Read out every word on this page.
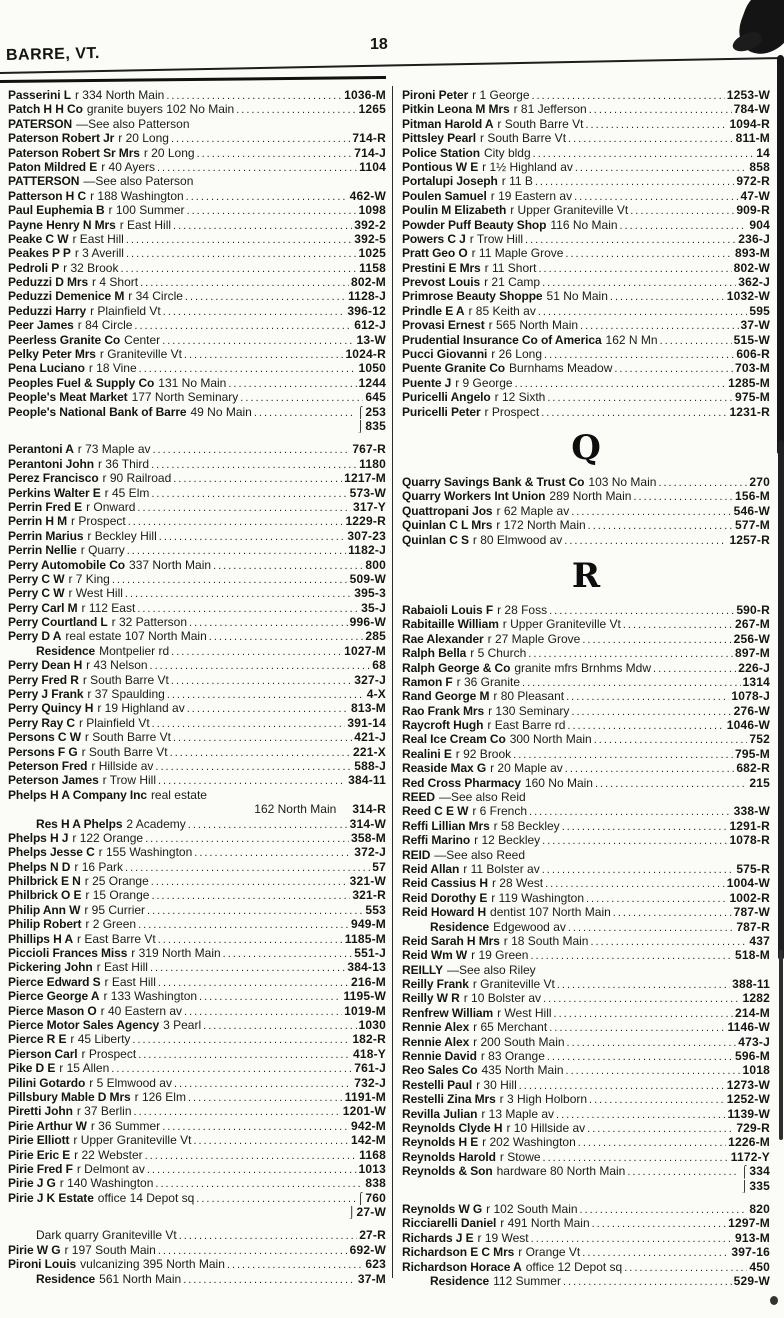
BARRE, VT.
18
Passerini L r 334 North Main .....	1036-M
Patch H H Co granite buyers 102 No Main .....	1265
PATERSON —See also Patterson
Paterson Robert Jr r 20 Long .....	714-R
Paterson Robert Sr Mrs r 20 Long .....	714-J
Paton Mildred E r 40 Ayers .....	1104
PATTERSON —See also Paterson
Patterson H C r 188 Washington .....	462-W
Paul Euphemia B r 100 Summer .....	1098
Payne Henry N Mrs r East Hill .....	392-2
Peake C W r East Hill .....	392-5
Peakes P P r 3 Averill .....	1025
Pedroli P r 32 Brook .....	1158
Peduzzi D Mrs r 4 Short .....	802-M
Peduzzi Demenice M r 34 Circle .....	1128-J
Peduzzi Harry r Plainfield Vt .....	396-12
Peer James r 84 Circle .....	612-J
Peerless Granite Co Center .....	13-W
Pelky Peter Mrs r Graniteville Vt .....	1024-R
Pena Luciano r 18 Vine .....	1050
Peoples Fuel & Supply Co 131 No Main .....	1244
People's Meat Market 177 North Seminary .....	645
People's National Bank of Barre 49 No Main .....	⌠ 253
⌡ 835
Perantoni A r 73 Maple av .....	767-R
Perantoni John r 36 Third .....	1180
Perez Francisco r 90 Railroad .....	1217-M
Perkins Walter E r 45 Elm .....	573-W
Perrin Fred E r Onward .....	317-Y
Perrin H M r Prospect .....	1229-R
Perrin Marius r Beckley Hill .....	307-23
Perrin Nellie r Quarry .....	1182-J
Perry Automobile Co 337 North Main .....	800
Perry C W r 7 King .....	509-W
Perry C W r West Hill .....	395-3
Perry Carl M r 112 East .....	35-J
Perry Courtland L r 32 Patterson .....	996-W
Perry D A real estate 107 North Main .....	285
Residence Montpelier rd .....	1027-M
Perry Dean H r 43 Nelson .....	68
Perry Fred R r South Barre Vt .....	327-J
Perry J Frank r 37 Spaulding .....	4-X
Perry Quincy H r 19 Highland av .....	813-M
Perry Ray C r Plainfield Vt .....	391-14
Persons C W r South Barre Vt .....	421-J
Persons F G r South Barre Vt .....	221-X
Peterson Fred r Hillside av .....	588-J
Peterson James r Trow Hill .....	384-11
Phelps H A Company Inc real estate
162 North Main 314-R
Res H A Phelps 2 Academy .....	314-W
Phelps H J r 122 Orange .....	358-M
Phelps Jesse C r 155 Washington .....	372-J
Phelps N D r 16 Park .....	57
Philbrick E N r 25 Orange .....	321-W
Philbrick O E r 15 Orange .....	321-R
Philip Ann W r 95 Currier .....	553
Philip Robert r 2 Green .....	949-M
Phillips H A r East Barre Vt .....	1185-M
Piccioli Frances Miss r 319 North Main .....	551-J
Pickering John r East Hill .....	384-13
Pierce Edward S r East Hill .....	216-M
Pierce George A r 133 Washington .....	1195-W
Pierce Mason O r 40 Eastern av .....	1019-M
Pierce Motor Sales Agency 3 Pearl .....	1030
Pierce R E r 45 Liberty .....	182-R
Pierson Carl r Prospect .....	418-Y
Pike D E r 15 Allen .....	761-J
Pilini Gotardo r 5 Elmwood av .....	732-J
Pillsbury Mable D Mrs r 126 Elm .....	1191-M
Piretti John r 37 Berlin .....	1201-W
Pirie Arthur W r 36 Summer .....	942-M
Pirie Elliott r Upper Graniteville Vt .....	142-M
Pirie Eric E r 22 Webster .....	1168
Pirie Fred F r Delmont av .....	1013
Pirie J G r 140 Washington .....	838
Pirie J K Estate office 14 Depot sq .....	⌠ 760
⌡ 27-W
Dark quarry Graniteville Vt .....	27-R
Pirie W G r 197 South Main .....	692-W
Pironi Louis vulcanizing 395 North Main .....	623
Residence 561 North Main .....	37-M
Pironi Peter r 1 George .....	1253-W
Pitkin Leona M Mrs r 81 Jefferson .....	784-W
Pitman Harold A r South Barre Vt .....	1094-R
Pittsley Pearl r South Barre Vt .....	811-M
Police Station City bldg .....	14
Pontious W E r 1½ Highland av .....	858
Portalupi Joseph r 11 B .....	972-R
Poulen Samuel r 19 Eastern av .....	47-W
Poulin M Elizabeth r Upper Graniteville Vt .....	909-R
Powder Puff Beauty Shop 116 No Main .....	904
Powers C J r Trow Hill .....	236-J
Pratt Geo O r 11 Maple Grove .....	893-M
Prestini E Mrs r 11 Short .....	802-W
Prevost Louis r 21 Camp .....	362-J
Primrose Beauty Shoppe 51 No Main .....	1032-W
Prindle E A r 85 Keith av .....	595
Provasi Ernest r 565 North Main .....	37-W
Prudential Insurance Co of America 162 N Mn .....	515-W
Pucci Giovanni r 26 Long .....	606-R
Puente Granite Co Burnhams Meadow .....	703-M
Puente J r 9 George .....	1285-M
Puricelli Angelo r 12 Sixth .....	975-M
Puricelli Peter r Prospect .....	1231-R
Q
Quarry Savings Bank & Trust Co 103 No Main .....	270
Quarry Workers Int Union 289 North Main .....	156-M
Quattropani Jos r 62 Maple av .....	546-W
Quinlan C L Mrs r 172 North Main .....	577-M
Quinlan C S r 80 Elmwood av .....	1257-R
R
Rabaioli Louis F r 28 Foss .....	590-R
Rabitaille William r Upper Graniteville Vt .....	267-M
Rae Alexander r 27 Maple Grove .....	256-W
Ralph Bella r 5 Church .....	897-M
Ralph George & Co granite mfrs Brnhms Mdw .....	226-J
Ramon F r 36 Granite .....	1314
Rand George M r 80 Pleasant .....	1078-J
Rao Frank Mrs r 130 Seminary .....	276-W
Raycroft Hugh r East Barre rd .....	1046-W
Real Ice Cream Co 300 North Main .....	752
Realini E r 92 Brook .....	795-M
Reaside Max G r 20 Maple av .....	682-R
Red Cross Pharmacy 160 No Main .....	215
REED —See also Reid
Reed C E W r 6 French .....	338-W
Reffi Lillian Mrs r 58 Beckley .....	1291-R
Reffi Marino r 12 Beckley .....	1078-R
REID —See also Reed
Reid Allan r 11 Bolster av .....	575-R
Reid Cassius H r 28 West .....	1004-W
Reid Dorothy E r 119 Washington .....	1002-R
Reid Howard H dentist 107 North Main .....	787-W
Residence Edgewood av .....	787-R
Reid Sarah H Mrs r 18 South Main .....	437
Reid Wm W r 19 Green .....	518-M
REILLY —See also Riley
Reilly Frank r Graniteville Vt .....	388-11
Reilly W R r 10 Bolster av .....	1282
Renfrew William r West Hill .....	214-M
Rennie Alex r 65 Merchant .....	1146-W
Rennie Alex r 200 South Main .....	473-J
Rennie David r 83 Orange .....	596-M
Reo Sales Co 435 North Main .....	1018
Restelli Paul r 30 Hill .....	1273-W
Restelli Zina Mrs r 3 High Holborn .....	1252-W
Revilla Julian r 13 Maple av .....	1139-W
Reynolds Clyde H r 10 Hillside av .....	729-R
Reynolds H E r 202 Washington .....	1226-M
Reynolds Harold r Stowe .....	1172-Y
Reynolds & Son hardware 80 North Main .....	⌠ 334
⌡ 335
Reynolds W G r 102 South Main .....	820
Ricciarelli Daniel r 491 North Main .....	1297-M
Richards J E r 19 West .....	913-M
Richardson E C Mrs r Orange Vt .....	397-16
Richardson Horace A office 12 Depot sq .....	450
Residence 112 Summer .....	529-W
